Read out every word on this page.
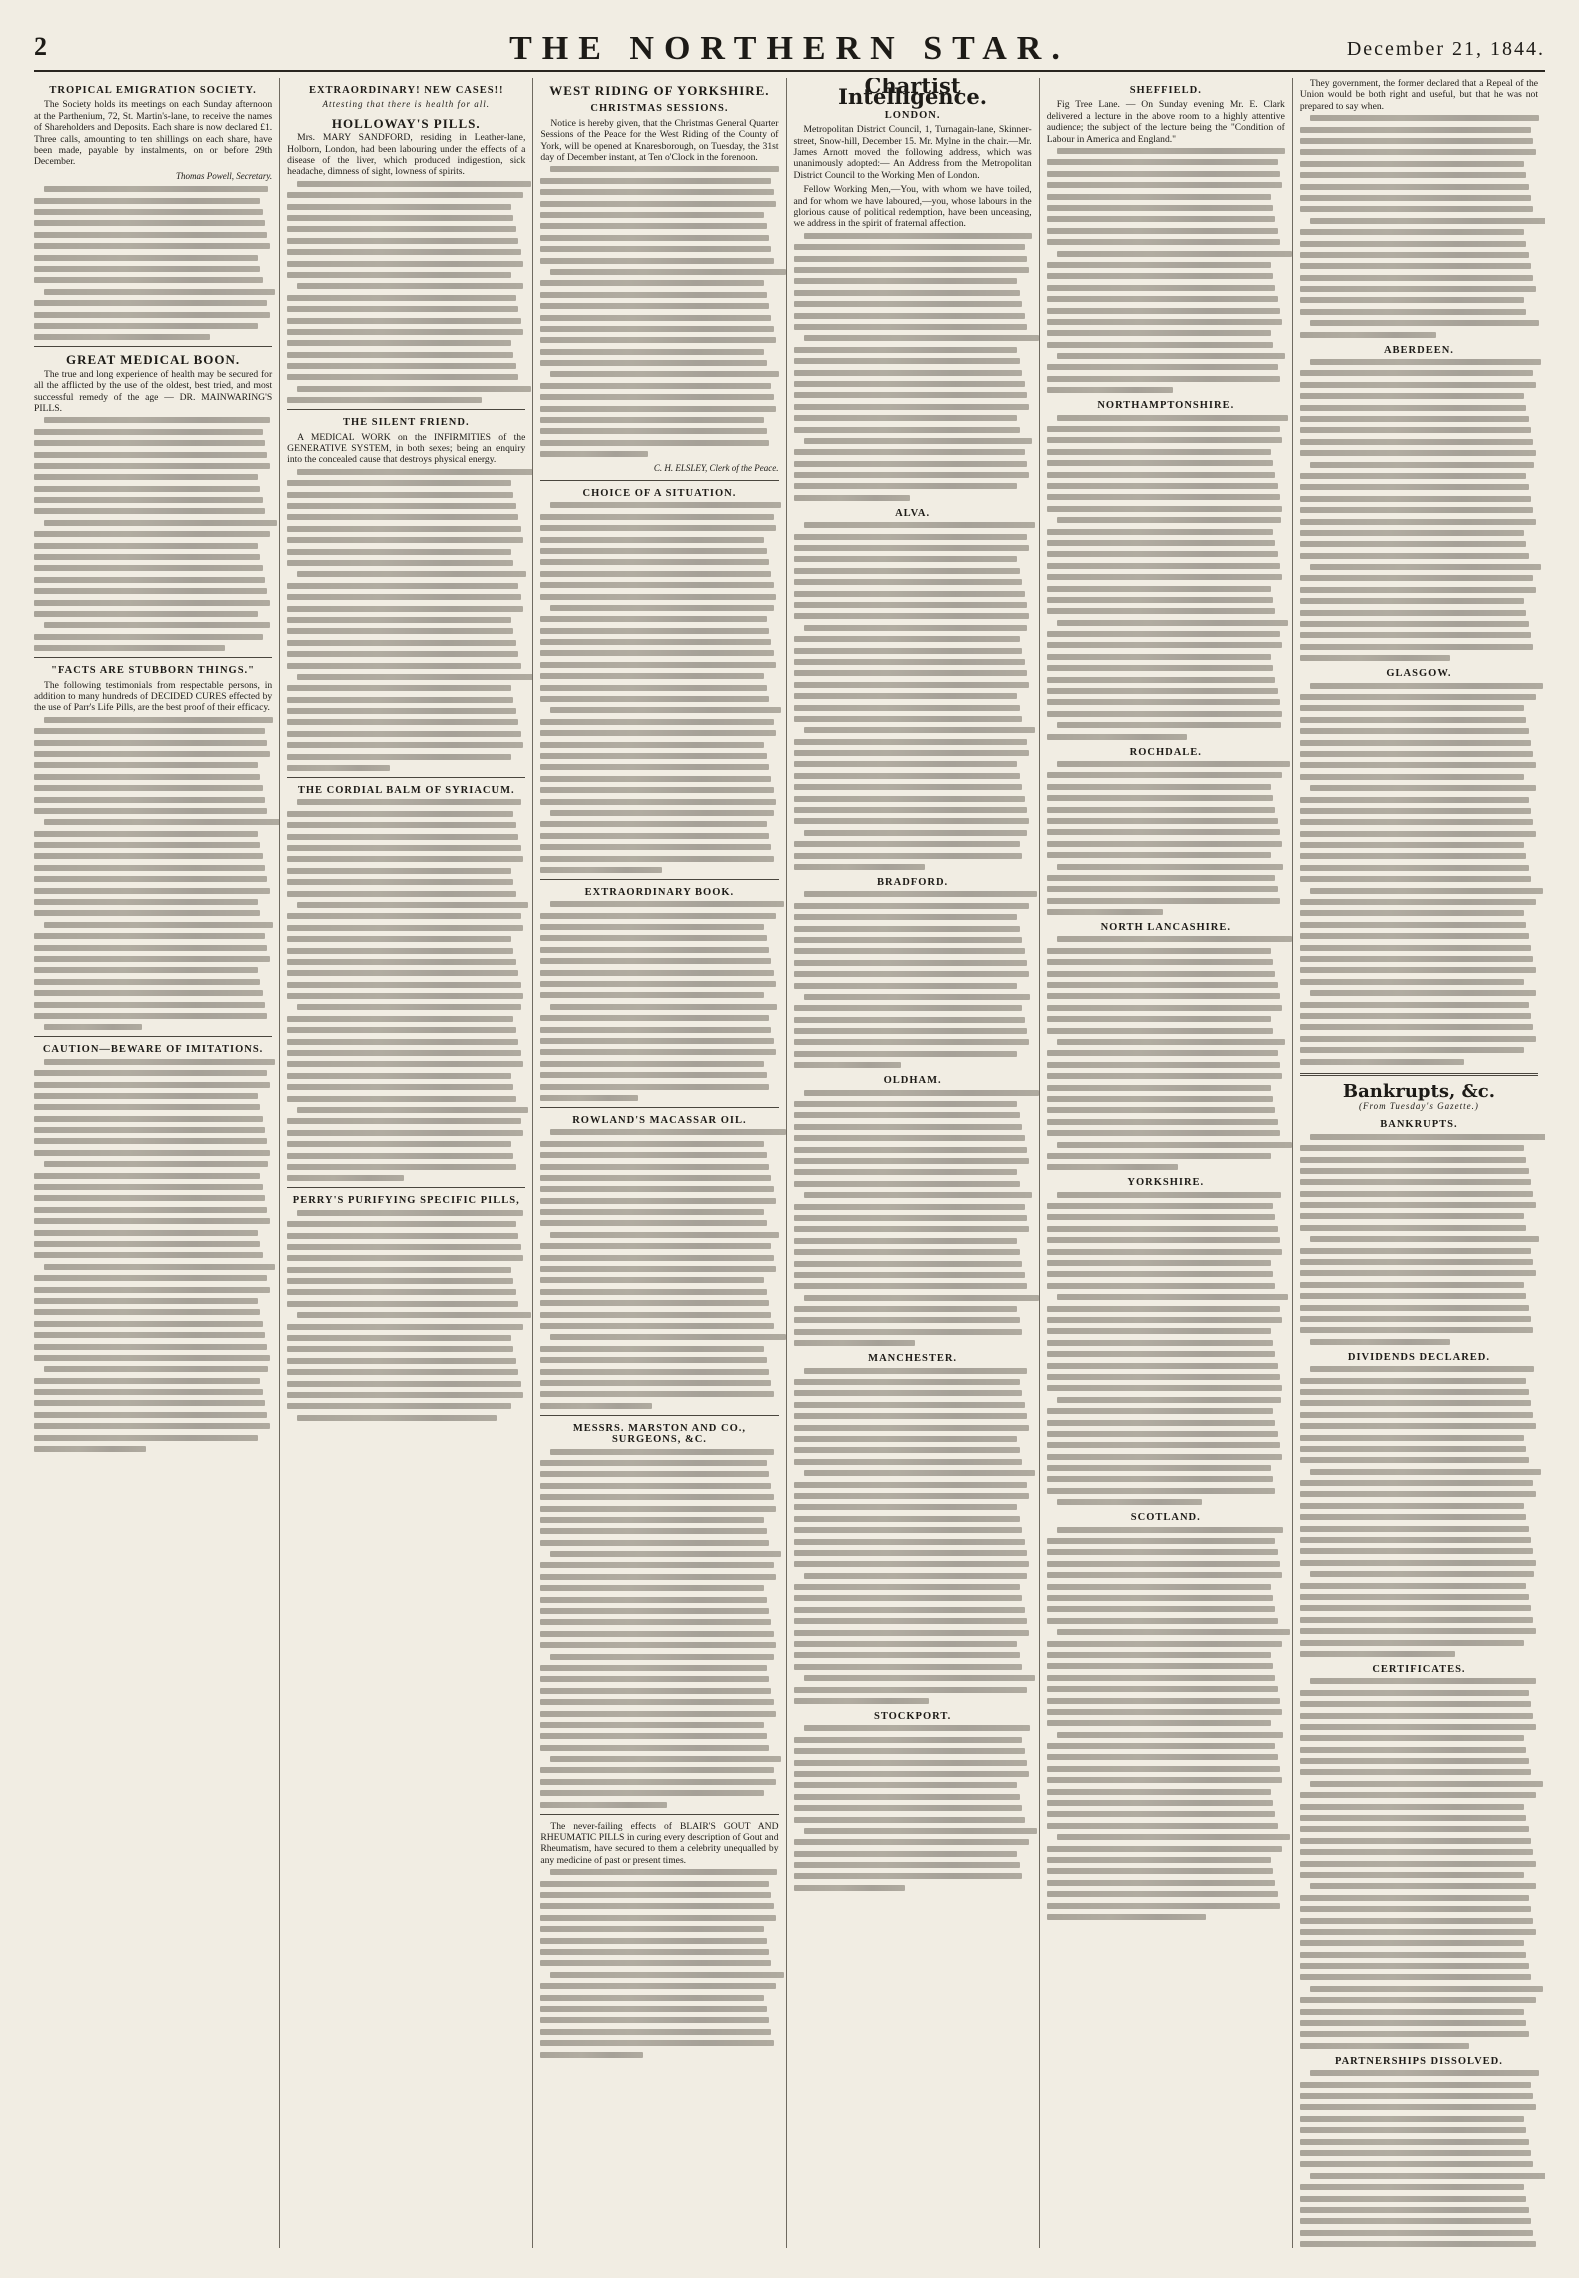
2	THE NORTHERN STAR.	December 21, 1844.
TROPICAL EMIGRATION SOCIETY.

The Society holds its meetings on each Sunday afternoon at the Parthenium, 72, St. Martin's-lane, to receive the names of Shareholders and Deposits. Each share is now declared £1. Three calls, amounting to ten shillings on each share, have been made, payable by instalments, on or before 29th December.

Thomas Powell, Secretary.
GREAT MEDICAL BOON.

The true and long experience of health may be secured for all the afflicted by the use of the oldest, best tried, and most successful remedy of the age — DR. MAINWARING'S PILLS.

"FACTS ARE STUBBORN THINGS."

The following testimonials from respectable persons, in addition to many hundreds of DECIDED CURES effected by the use of Parr's Life Pills, are the best proof of their efficacy.

CAUTION—BEWARE OF IMITATIONS.
EXTRAORDINARY! NEW CASES!!
Attesting that there is health for all.
HOLLOWAY'S PILLS.

Mrs. MARY SANDFORD, residing in Leather-lane, Holborn, London, had been labouring under the effects of a disease of the liver, which produced indigestion, sick headache, dimness of sight, lowness of spirits.

THE SILENT FRIEND.

A MEDICAL WORK on the INFIRMITIES of the GENERATIVE SYSTEM, in both sexes; being an enquiry into the concealed cause that destroys physical energy.

THE CORDIAL BALM OF SYRIACUM.
PERRY'S PURIFYING SPECIFIC PILLS,
WEST RIDING OF YORKSHIRE.
CHRISTMAS SESSIONS.

Notice is hereby given, that the Christmas General Quarter Sessions of the Peace for the West Riding of the County of York, will be opened at Knaresborough, on Tuesday, the 31st day of December instant, at Ten o'Clock in the forenoon.

C. H. ELSLEY, Clerk of the Peace.
CHOICE OF A SITUATION.
EXTRAORDINARY BOOK.
ROWLAND'S MACASSAR OIL.
MESSRS. MARSTON AND CO., SURGEONS, &C.

The never-failing effects of BLAIR'S GOUT AND RHEUMATIC PILLS in curing every description of Gout and Rheumatism, have secured to them a celebrity unequalled by any medicine of past or present times.

Chartist Intelligence.
LONDON.

Metropolitan District Council, 1, Turnagain-lane, Skinner-street, Snow-hill, December 15. Mr. Mylne in the chair.—Mr. James Arnott moved the following address, which was unanimously adopted:— An Address from the Metropolitan District Council to the Working Men of London.

Fellow Working Men,—You, with whom we have toiled, and for whom we have laboured,—you, whose labours in the glorious cause of political redemption, have been unceasing, we address in the spirit of fraternal affection.

ALVA.
BRADFORD.
OLDHAM.
MANCHESTER.
STOCKPORT.
SHEFFIELD.

Fig Tree Lane. — On Sunday evening Mr. E. Clark delivered a lecture in the above room to a highly attentive audience; the subject of the lecture being the "Condition of Labour in America and England."

NORTHAMPTONSHIRE.
ROCHDALE.
NORTH LANCASHIRE.
YORKSHIRE.
SCOTLAND.

They government, the former declared that a Repeal of the Union would be both right and useful, but that he was not prepared to say when.

ABERDEEN.
GLASGOW.
Bankrupts, &c.
(From Tuesday's Gazette.)
BANKRUPTS.
DIVIDENDS DECLARED.
CERTIFICATES.
PARTNERSHIPS DISSOLVED.
